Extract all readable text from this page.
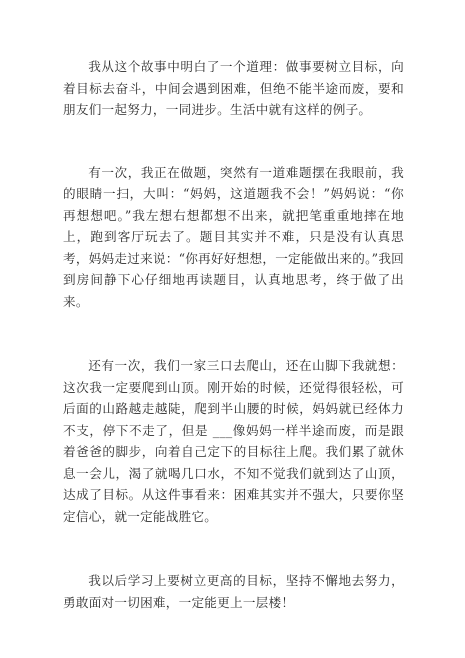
我从这个故事中明白了一个道理：做事要树立目标，向着目标去奋斗，中间会遇到困难，但绝不能半途而废，要和朋友们一起努力，一同进步。生活中就有这样的例子。

有一次，我正在做题，突然有一道难题摆在我眼前，我的眼睛一扫，大叫：“妈妈，这道题我不会！”妈妈说：“你再想想吧。”我左想右想都想不出来，就把笔重重地摔在地上，跑到客厅玩去了。题目其实并不难，只是没有认真思考，妈妈走过来说：“你再好好想想，一定能做出来的。”我回到房间静下心仔细地再读题目，认真地思考，终于做了出来。

还有一次，我们一家三口去爬山，还在山脚下我就想：这次我一定要爬到山顶。刚开始的时候，还觉得很轻松，可后面的山路越走越陡，爬到半山腰的时候，妈妈就已经体力不支，停下不走了，但是 ___像妈妈一样半途而废，而是跟着爸爸的脚步，向着自己定下的目标往上爬。我们累了就休息一会儿，渴了就喝几口水，不知不觉我们就到达了山顶，达成了目标。从这件事看来：困难其实并不强大，只要你坚定信心，就一定能战胜它。

我以后学习上要树立更高的目标，坚持不懈地去努力，勇敢面对一切困难，一定能更上一层楼！
